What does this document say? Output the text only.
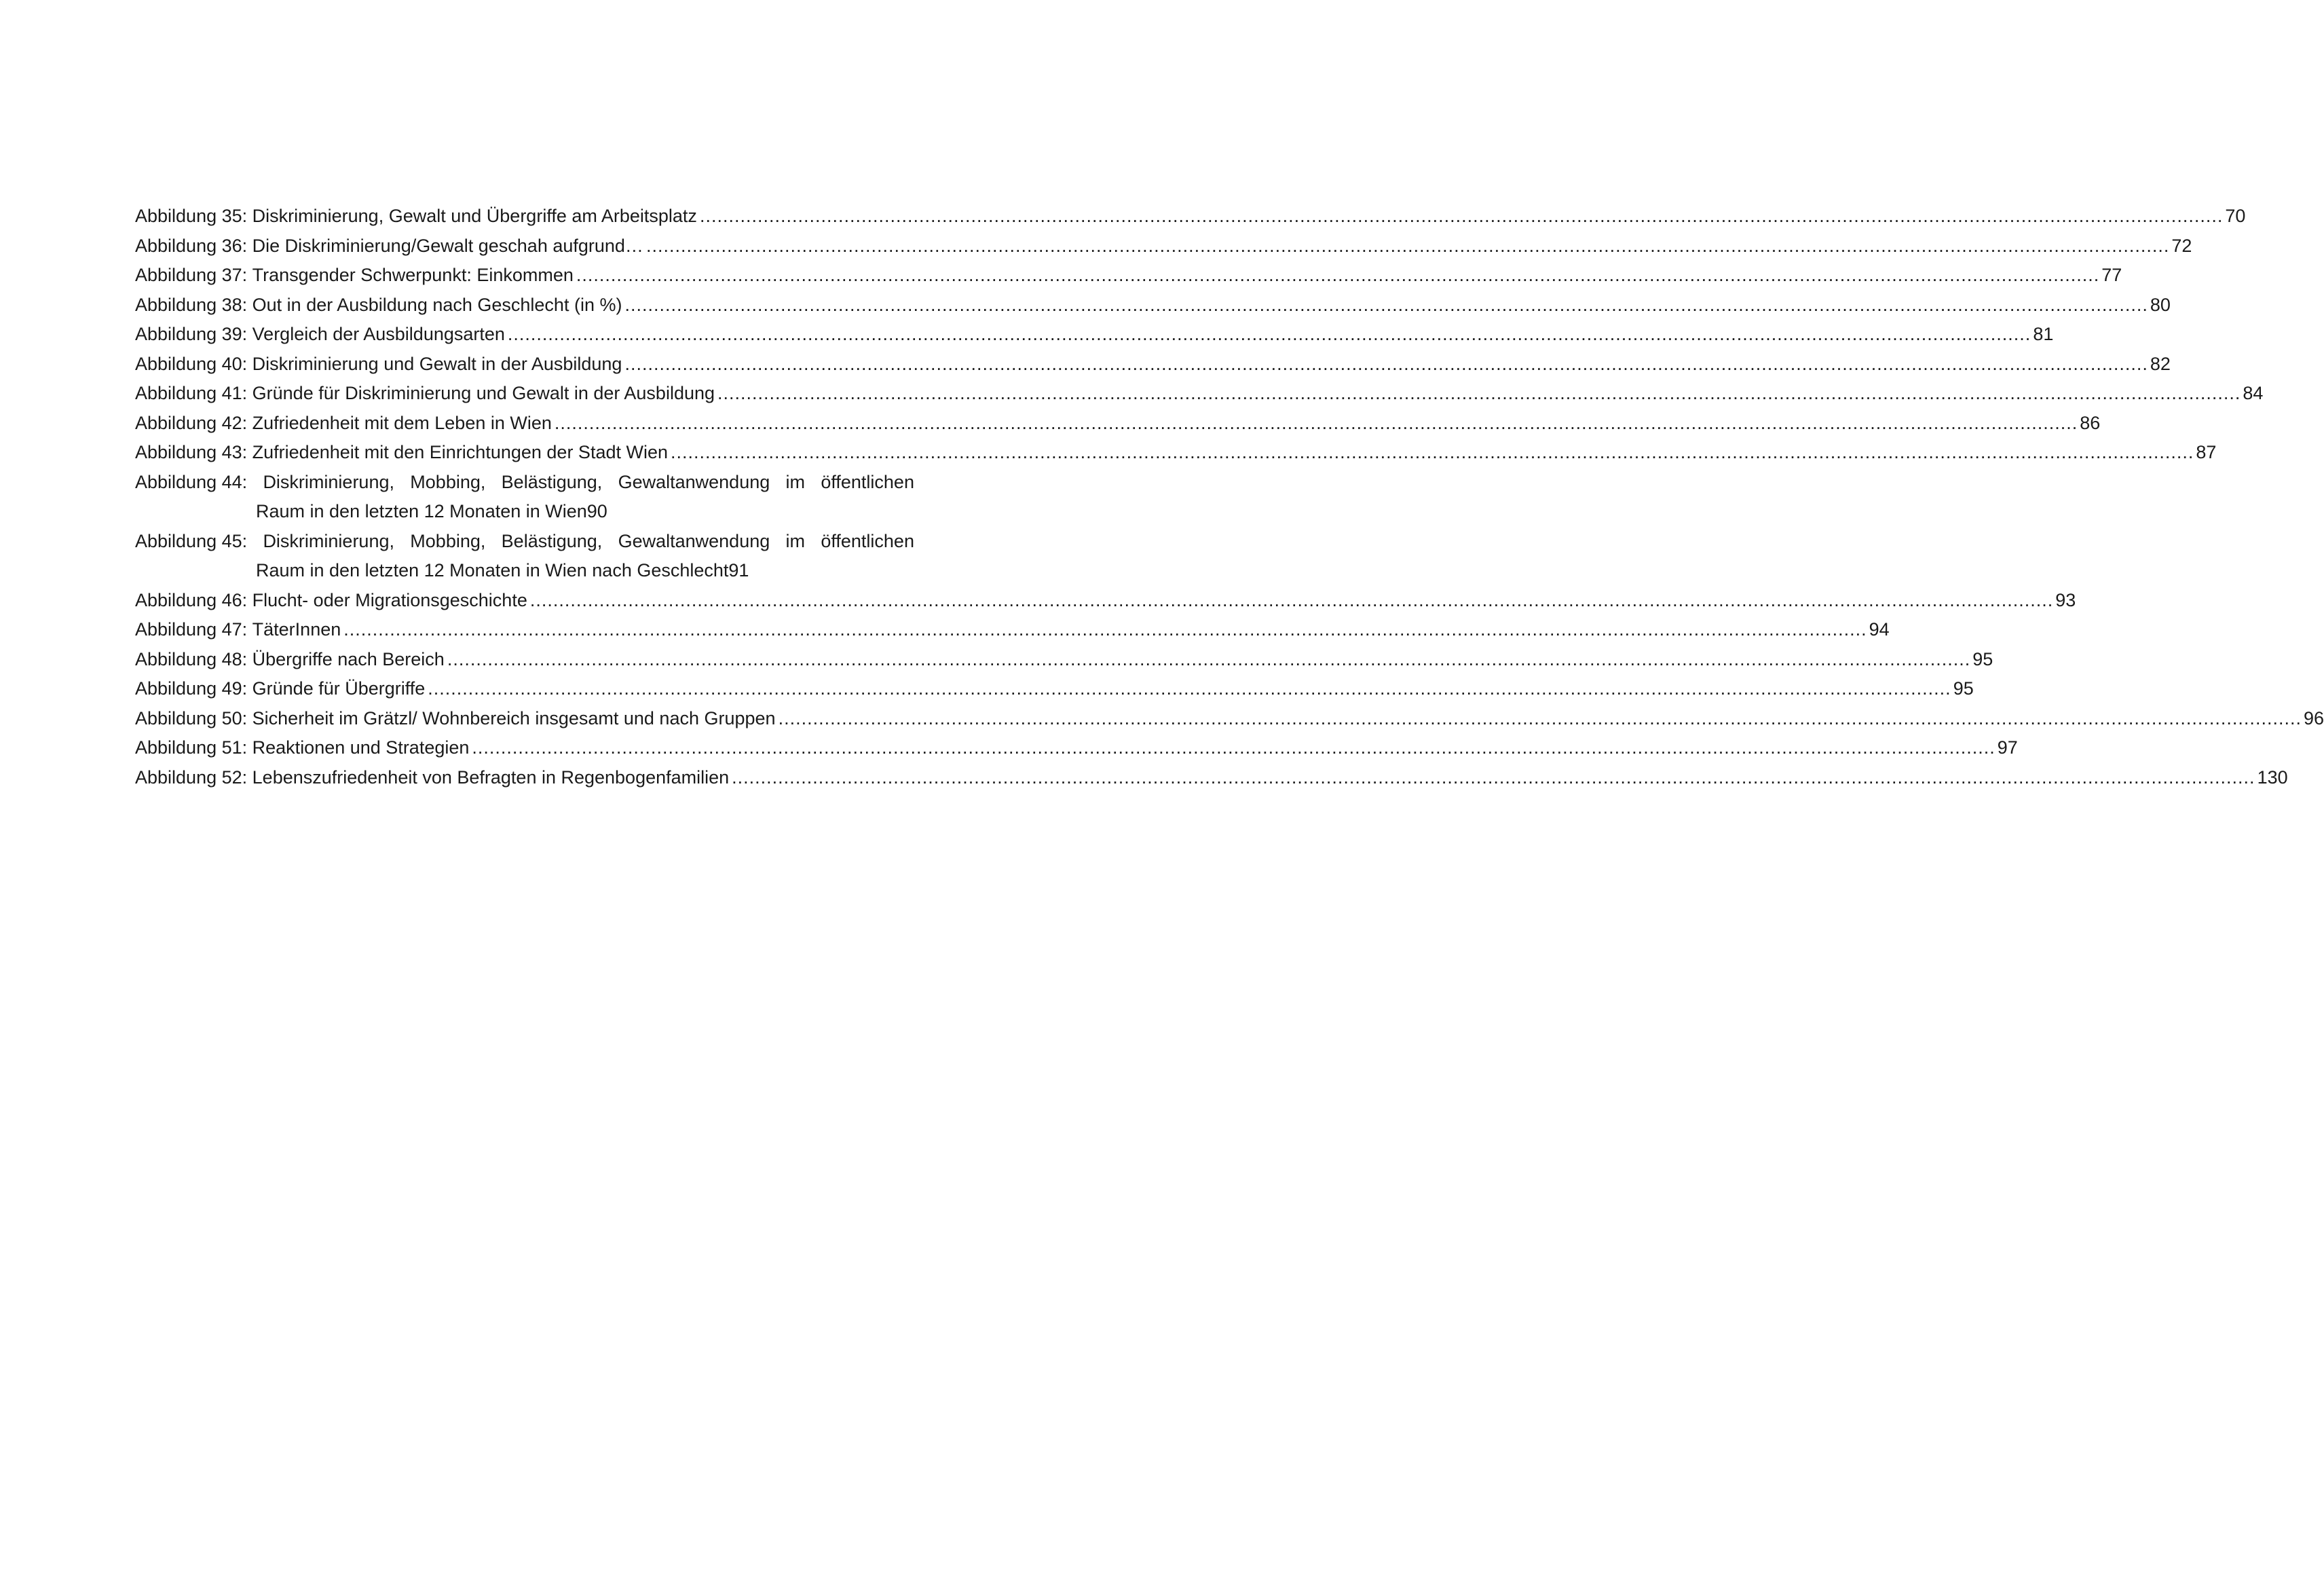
Abbildung 35:
Diskriminierung, Gewalt und Übergriffe am Arbeitsplatz .....	70
Abbildung 36:
Die Diskriminierung/Gewalt geschah aufgrund… .....	72
Abbildung 37:
Transgender Schwerpunkt: Einkommen .....	77
Abbildung 38:
Out in der Ausbildung nach Geschlecht (in %) .....	80
Abbildung 39:
Vergleich der Ausbildungsarten .....	81
Abbildung 40:
Diskriminierung und Gewalt in der Ausbildung .....	82
Abbildung 41:
Gründe für Diskriminierung und Gewalt in der Ausbildung .....	84
Abbildung 42:
Zufriedenheit mit dem Leben in Wien .....	86
Abbildung 43:
Zufriedenheit mit den Einrichtungen der Stadt Wien .....	87
Abbildung 44: Diskriminierung, Mobbing, Belästigung, Gewaltanwendung im öffentlichen
Raum in den letzten 12 Monaten in Wien 90
Abbildung 45: Diskriminierung, Mobbing, Belästigung, Gewaltanwendung im öffentlichen
Raum in den letzten 12 Monaten in Wien nach Geschlecht 91
Abbildung 46:
Flucht- oder Migrationsgeschichte .....	93
Abbildung 47:
TäterInnen .....	94
Abbildung 48:
Übergriffe nach Bereich .....	95
Abbildung 49:
Gründe für Übergriffe .....	95
Abbildung 50:
Sicherheit im Grätzl/ Wohnbereich insgesamt und nach Gruppen .....	96
Abbildung 51:
Reaktionen und Strategien .....	97
Abbildung 52:
Lebenszufriedenheit von Befragten in Regenbogenfamilien .....	130
